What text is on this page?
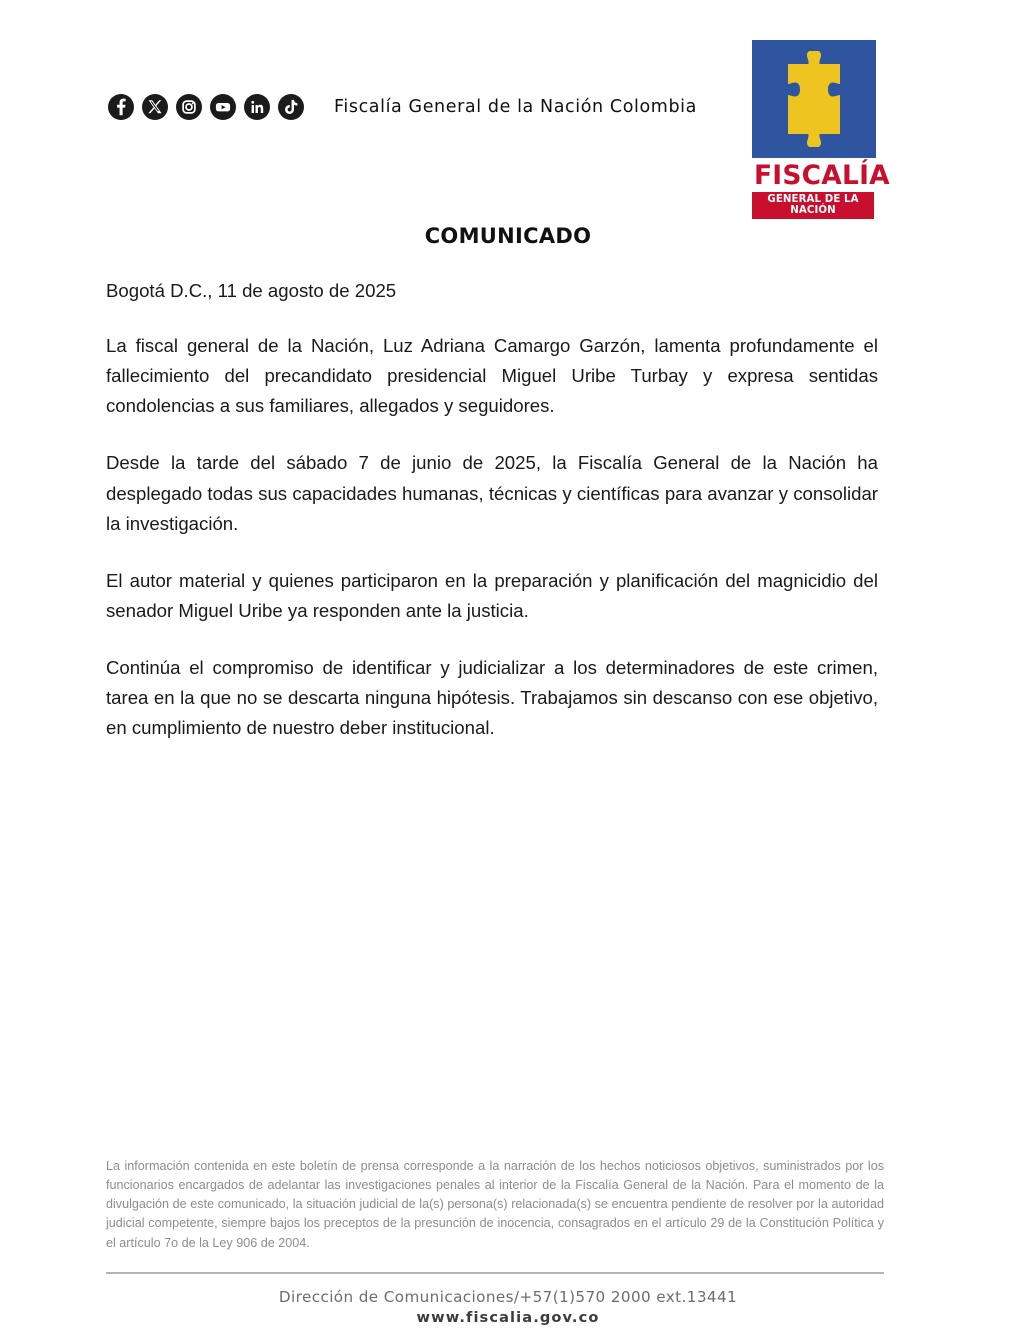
Fiscalía General de la Nación Colombia
FISCALÍA
GENERAL DE LA NACIÓN
COMUNICADO

Bogotá D.C., 11 de agosto de 2025

La fiscal general de la Nación, Luz Adriana Camargo Garzón, lamenta profundamente el fallecimiento del precandidato presidencial Miguel Uribe Turbay y expresa sentidas condolencias a sus familiares, allegados y seguidores.

Desde la tarde del sábado 7 de junio de 2025, la Fiscalía General de la Nación ha desplegado todas sus capacidades humanas, técnicas y científicas para avanzar y consolidar la investigación.

El autor material y quienes participaron en la preparación y planificación del magnicidio del senador Miguel Uribe ya responden ante la justicia.

Continúa el compromiso de identificar y judicializar a los determinadores de este crimen, tarea en la que no se descarta ninguna hipótesis. Trabajamos sin descanso con ese objetivo, en cumplimiento de nuestro deber institucional.

La información contenida en este boletín de prensa corresponde a la narración de los hechos noticiosos objetivos, suministrados por los funcionarios encargados de adelantar las investigaciones penales al interior de la Fiscalía General de la Nación. Para el momento de la divulgación de este comunicado, la situación judicial de la(s) persona(s) relacionada(s) se encuentra pendiente de resolver por la autoridad judicial competente, siempre bajos los preceptos de la presunción de inocencia, consagrados en el artículo 29 de la Constitución Política y el artículo 7o de la Ley 906 de 2004.
Dirección de Comunicaciones/+57(1)570 2000 ext.13441
www.fiscalia.gov.co
